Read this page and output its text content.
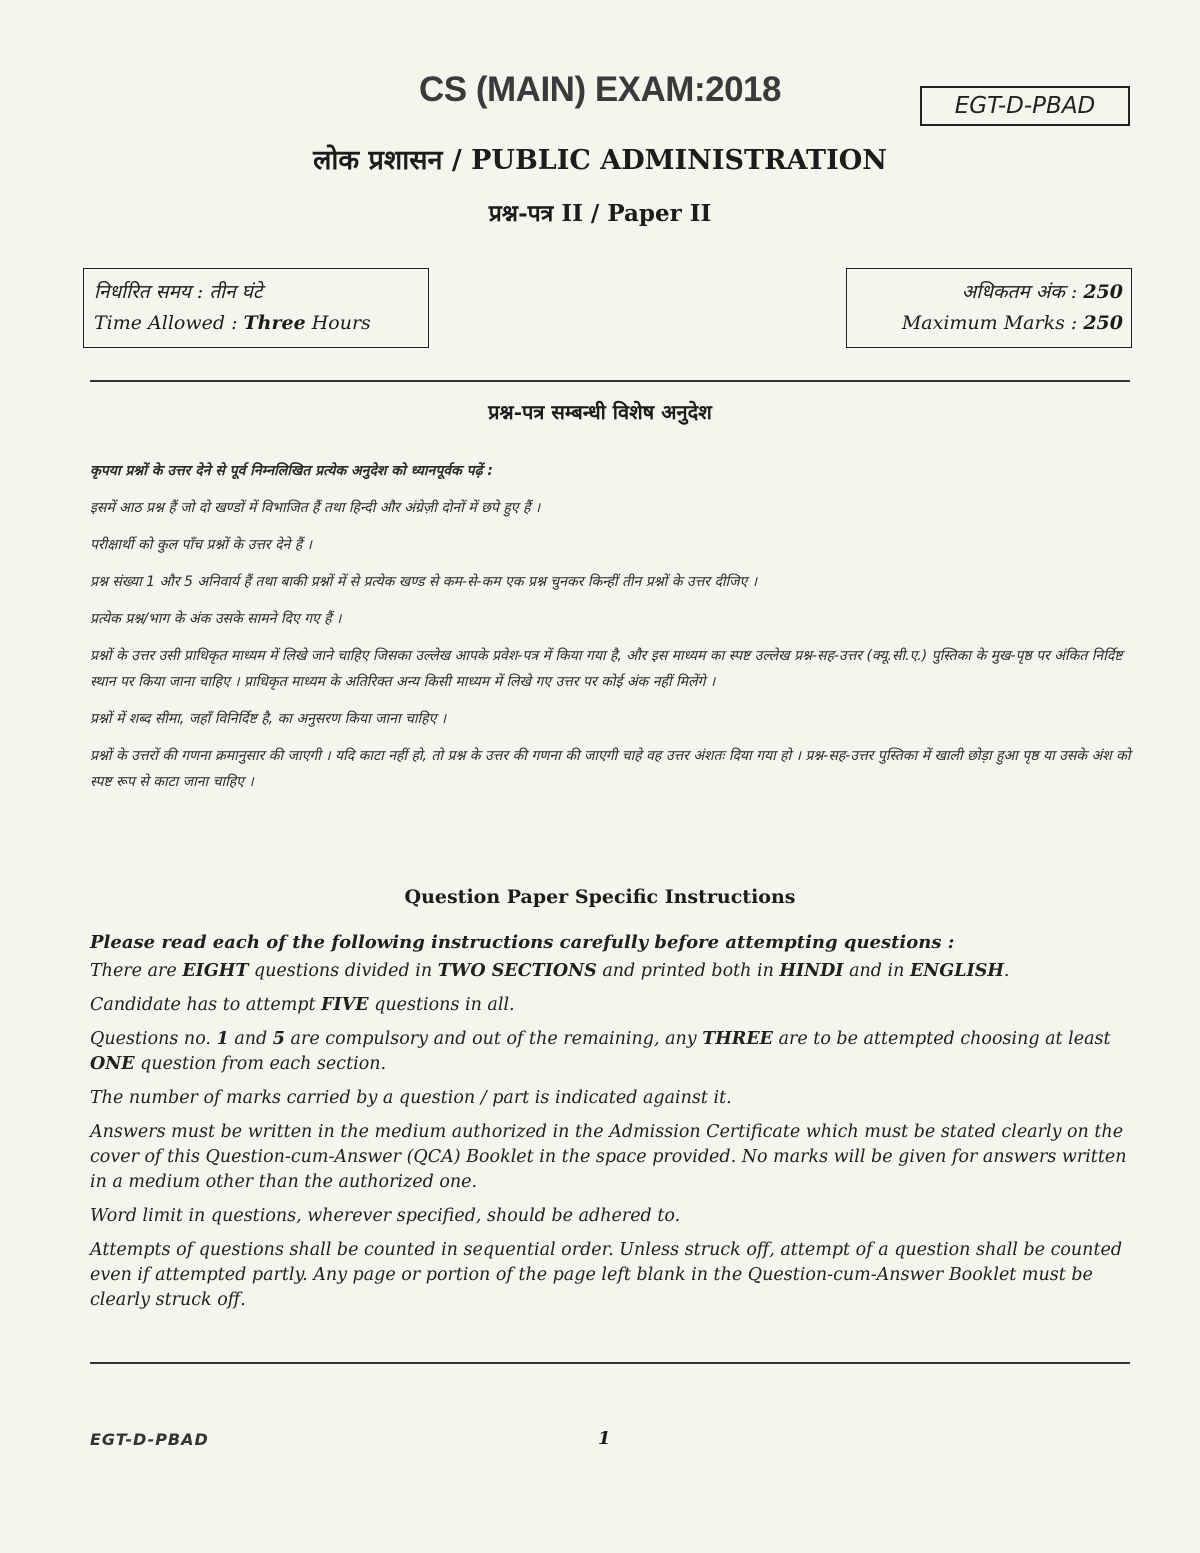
CS (MAIN) EXAM:2018	EGT-D-PBAD
लोक प्रशासन / PUBLIC ADMINISTRATION
प्रश्न-पत्र II / Paper II
निर्धारित समय : तीन घंटे
Time Allowed : Three Hours
अधिकतम अंक : 250
Maximum Marks : 250
प्रश्न-पत्र सम्बन्धी विशेष अनुदेश

कृपया प्रश्नों के उत्तर देने से पूर्व निम्नलिखित प्रत्येक अनुदेश को ध्यानपूर्वक पढ़ें :

इसमें आठ प्रश्न हैं जो दो खण्डों में विभाजित हैं तथा हिन्दी और अंग्रेज़ी दोनों में छपे हुए हैं ।

परीक्षार्थी को कुल पाँच प्रश्नों के उत्तर देने हैं ।

प्रश्न संख्या 1 और 5 अनिवार्य हैं तथा बाकी प्रश्नों में से प्रत्येक खण्ड से कम-से-कम एक प्रश्न चुनकर किन्हीं तीन प्रश्नों के उत्तर दीजिए ।

प्रत्येक प्रश्न/भाग के अंक उसके सामने दिए गए हैं ।

प्रश्नों के उत्तर उसी प्राधिकृत माध्यम में लिखे जाने चाहिए जिसका उल्लेख आपके प्रवेश-पत्र में किया गया है, और इस माध्यम का स्पष्ट उल्लेख प्रश्न-सह-उत्तर (क्यू.सी.ए.) पुस्तिका के मुख-पृष्ठ पर अंकित निर्दिष्ट स्थान पर किया जाना चाहिए । प्राधिकृत माध्यम के अतिरिक्त अन्य किसी माध्यम में लिखे गए उत्तर पर कोई अंक नहीं मिलेंगे ।

प्रश्नों में शब्द सीमा, जहाँ विनिर्दिष्ट है, का अनुसरण किया जाना चाहिए ।

प्रश्नों के उत्तरों की गणना क्रमानुसार की जाएगी । यदि काटा नहीं हो, तो प्रश्न के उत्तर की गणना की जाएगी चाहे वह उत्तर अंशतः दिया गया हो । प्रश्न-सह-उत्तर पुस्तिका में खाली छोड़ा हुआ पृष्ठ या उसके अंश को स्पष्ट रूप से काटा जाना चाहिए ।

Question Paper Specific Instructions

Please read each of the following instructions carefully before attempting questions :

There are EIGHT questions divided in TWO SECTIONS and printed both in HINDI and in ENGLISH.

Candidate has to attempt FIVE questions in all.

Questions no. 1 and 5 are compulsory and out of the remaining, any THREE are to be attempted choosing at least ONE question from each section.

The number of marks carried by a question / part is indicated against it.

Answers must be written in the medium authorized in the Admission Certificate which must be stated clearly on the cover of this Question-cum-Answer (QCA) Booklet in the space provided. No marks will be given for answers written in a medium other than the authorized one.

Word limit in questions, wherever specified, should be adhered to.

Attempts of questions shall be counted in sequential order. Unless struck off, attempt of a question shall be counted even if attempted partly. Any page or portion of the page left blank in the Question-cum-Answer Booklet must be clearly struck off.

EGT-D-PBAD	1
